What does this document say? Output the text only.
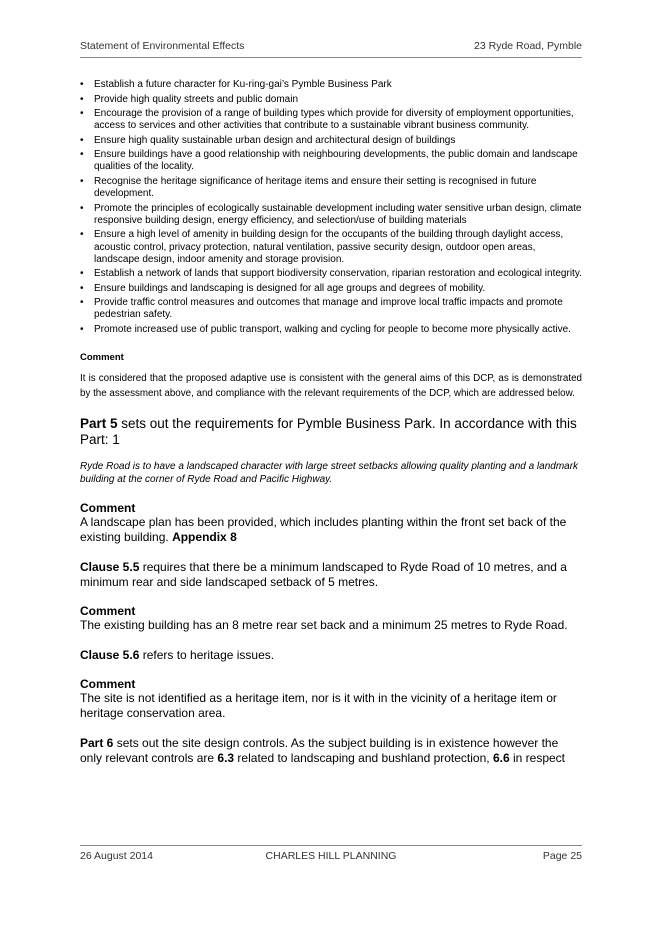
Statement of Environmental Effects	23 Ryde Road, Pymble
• Establish a future character for Ku-ring-gai’s Pymble Business Park
• Provide high quality streets and public domain
• Encourage the provision of a range of building types which provide for diversity of employment opportunities, access to services and other activities that contribute to a sustainable vibrant business community.
• Ensure high quality sustainable urban design and architectural design of buildings
• Ensure buildings have a good relationship with neighbouring developments, the public domain and landscape qualities of the locality.
• Recognise the heritage significance of heritage items and ensure their setting is recognised in future development.
• Promote the principles of ecologically sustainable development including water sensitive urban design, climate responsive building design, energy efficiency, and selection/use of building materials
• Ensure a high level of amenity in building design for the occupants of the building through daylight access, acoustic control, privacy protection, natural ventilation, passive security design, outdoor open areas, landscape design, indoor amenity and storage provision.
• Establish a network of lands that support biodiversity conservation, riparian restoration and ecological integrity.
• Ensure buildings and landscaping is designed for all age groups and degrees of mobility.
• Provide traffic control measures and outcomes that manage and improve local traffic impacts and promote pedestrian safety.
• Promote increased use of public transport, walking and cycling for people to become more physically active.
Comment
It is considered that the proposed adaptive use is consistent with the general aims of this DCP, as is demonstrated by the assessment above, and compliance with the relevant requirements of the DCP, which are addressed below.
Part 5 sets out the requirements for Pymble Business Park. In accordance with this Part: 1
Ryde Road is to have a landscaped character with large street setbacks allowing quality planting and a landmark building at the corner of Ryde Road and Pacific Highway.
Comment
A landscape plan has been provided, which includes planting within the front set back of the existing building. Appendix 8
Clause 5.5 requires that there be a minimum landscaped to Ryde Road of 10 metres, and a minimum rear and side landscaped setback of 5 metres.
Comment
The existing building has an 8 metre rear set back and a minimum 25 metres to Ryde Road.
Clause 5.6 refers to heritage issues.
Comment
The site is not identified as a heritage item, nor is it with in the vicinity of a heritage item or heritage conservation area.
Part 6 sets out the site design controls. As the subject building is in existence however the only relevant controls are 6.3 related to landscaping and bushland protection, 6.6 in respect
26 August 2014	CHARLES HILL PLANNING	Page 25
